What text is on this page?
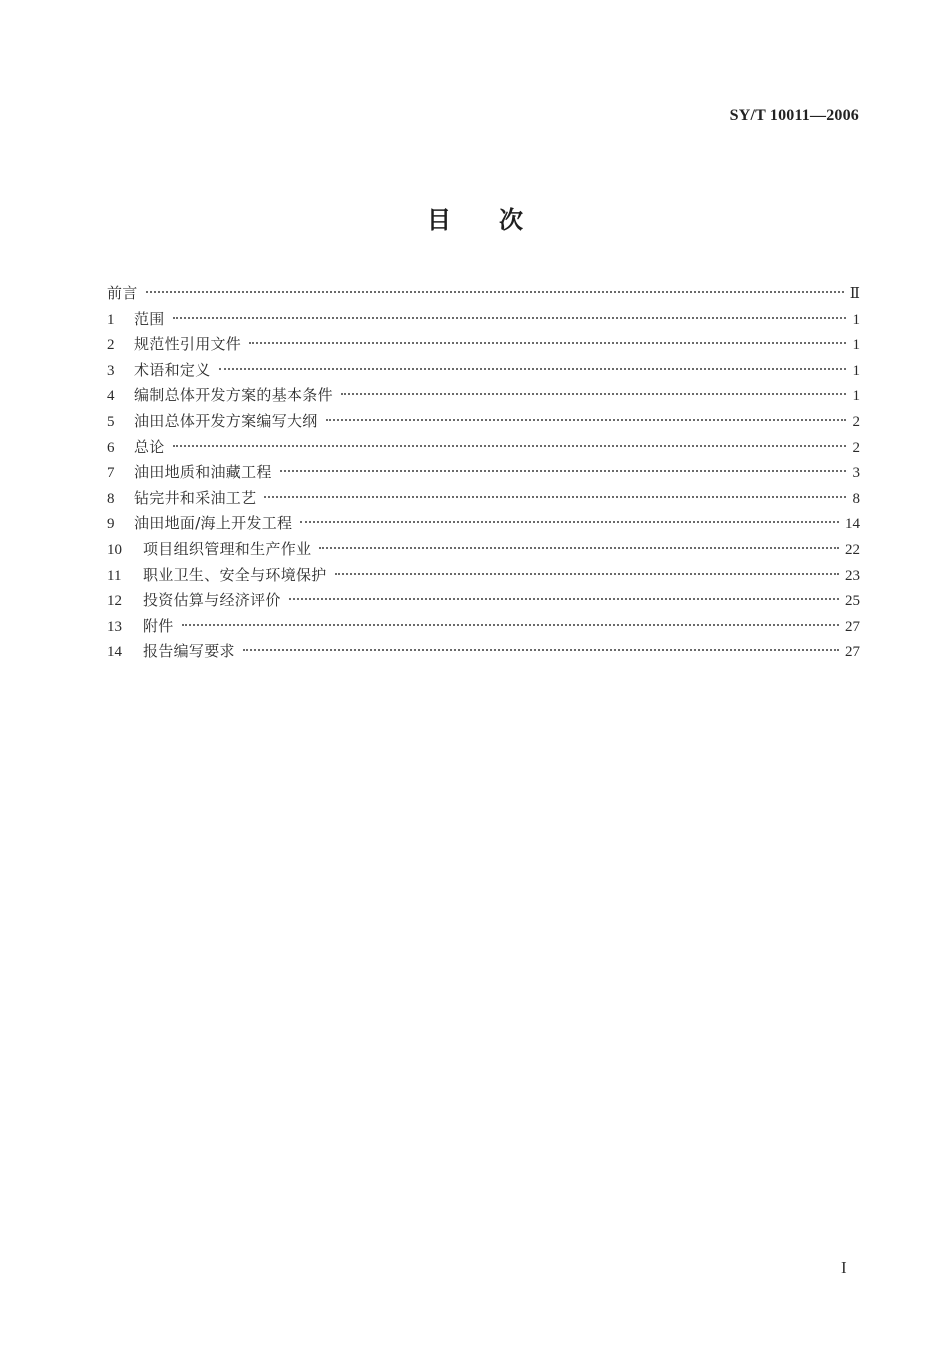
SY/T 10011—2006
目 次
前言	Ⅱ
1	范围	1
2	规范性引用文件	1
3	术语和定义	1
4	编制总体开发方案的基本条件	1
5	油田总体开发方案编写大纲	2
6	总论	2
7	油田地质和油藏工程	3
8	钻完井和采油工艺	8
9	油田地面/海上开发工程	14
10	项目组织管理和生产作业	22
11	职业卫生、安全与环境保护	23
12	投资估算与经济评价	25
13	附件	27
14	报告编写要求	27
I
